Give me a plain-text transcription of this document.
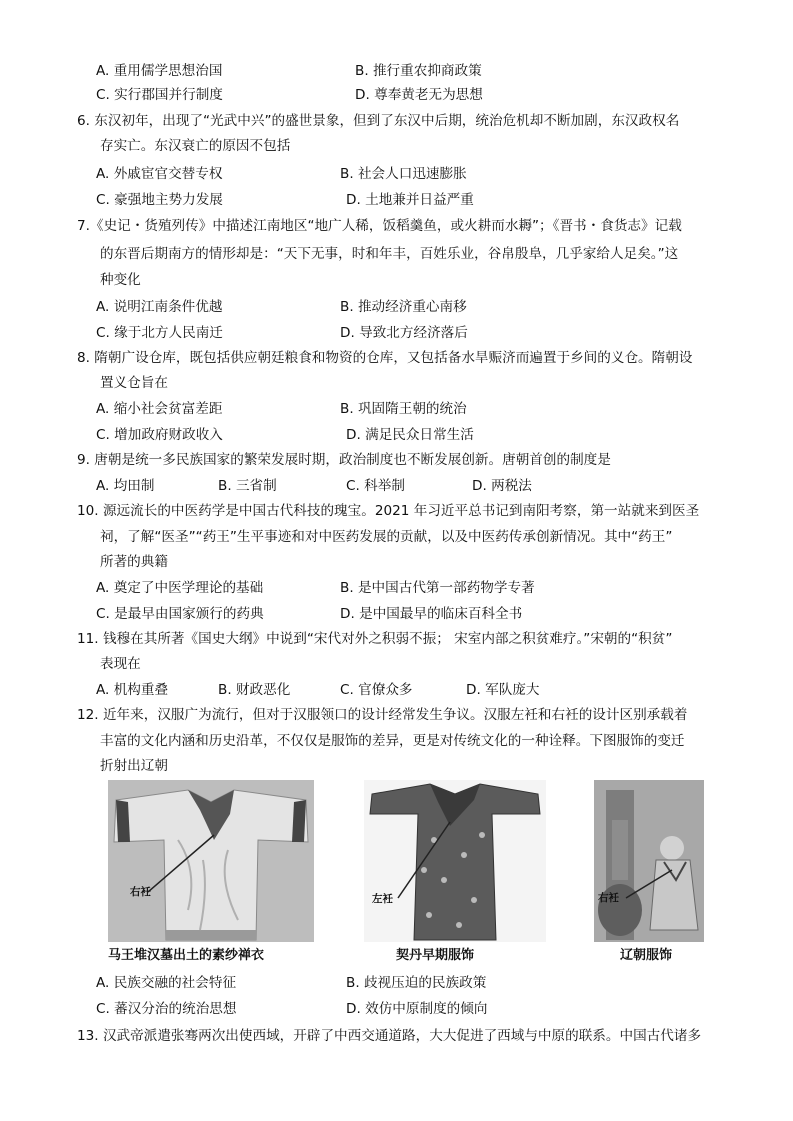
A. 重用儒学思想治国	B. 推行重农抑商政策
C. 实行郡国并行制度	D. 尊奉黄老无为思想
6. 东汉初年，出现了“光武中兴”的盛世景象，但到了东汉中后期，统治危机却不断加剧，东汉政权名
存实亡。东汉衰亡的原因不包括
A. 外戚宦官交替专权	B. 社会人口迅速膨胀
C. 豪强地主势力发展	D. 土地兼并日益严重
7.《史记・货殖列传》中描述江南地区“地广人稀，饭稻羹鱼，或火耕而水耨”；《晋书・食货志》记载
的东晋后期南方的情形却是：“天下无事，时和年丰，百姓乐业，谷帛殷阜，几乎家给人足矣。”这
种变化
A. 说明江南条件优越	B. 推动经济重心南移
C. 缘于北方人民南迁	D. 导致北方经济落后
8. 隋朝广设仓库，既包括供应朝廷粮食和物资的仓库，又包括备水旱赈济而遍置于乡间的义仓。隋朝设
置义仓旨在
A. 缩小社会贫富差距	B. 巩固隋王朝的统治
C. 增加政府财政收入	D. 满足民众日常生活
9. 唐朝是统一多民族国家的繁荣发展时期，政治制度也不断发展创新。唐朝首创的制度是
A. 均田制	B. 三省制	C. 科举制	D. 两税法
10. 源远流长的中医药学是中国古代科技的瑰宝。2021 年习近平总书记到南阳考察，第一站就来到医圣
祠，了解“医圣”“药王”生平事迹和对中医药发展的贡献，以及中医药传承创新情况。其中“药王”
所著的典籍
A. 奠定了中医学理论的基础	B. 是中国古代第一部药物学专著
C. 是最早由国家颁行的药典	D. 是中国最早的临床百科全书
11. 钱穆在其所著《国史大纲》中说到“宋代对外之积弱不振； 宋室内部之积贫难疗。”宋朝的“积贫”
表现在
A. 机构重叠	B. 财政恶化	C. 官僚众多	D. 军队庞大
12. 近年来，汉服广为流行，但对于汉服领口的设计经常发生争议。汉服左衽和右衽的设计区别承载着
丰富的文化内涵和历史沿革，不仅仅是服饰的差异，更是对传统文化的一种诠释。下图服饰的变迁
折射出辽朝
右衽
马王堆汉墓出土的素纱禅衣
左衽
契丹早期服饰
右衽
辽朝服饰
A. 民族交融的社会特征	B. 歧视压迫的民族政策
C. 蕃汉分治的统治思想	D. 效仿中原制度的倾向
13. 汉武帝派遣张骞两次出使西域，开辟了中西交通道路，大大促进了西域与中原的联系。中国古代诸多
